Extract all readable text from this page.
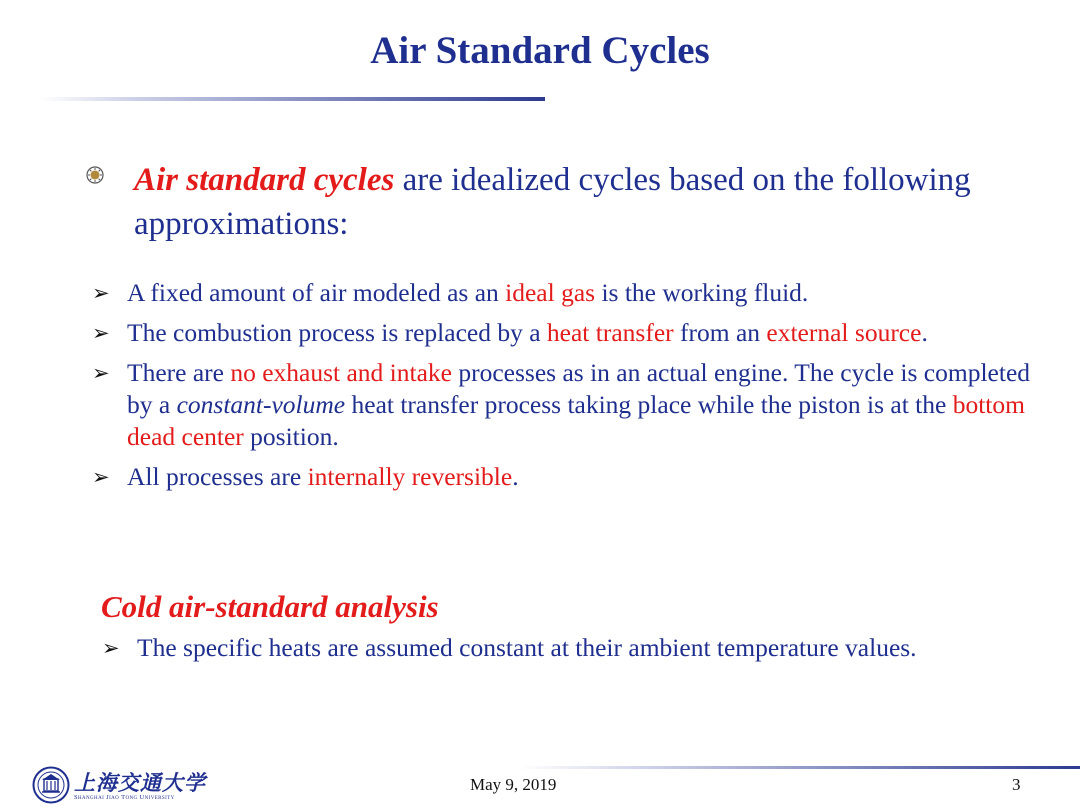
Air Standard Cycles

Air standard cycles are idealized cycles based on the following approximations:

➢ A fixed amount of air modeled as an ideal gas is the working fluid.
➢ The combustion process is replaced by a heat transfer from an external source.
➢ There are no exhaust and intake processes as in an actual engine. The cycle is completed by a constant-volume heat transfer process taking place while the piston is at the bottom dead center position.
➢ All processes are internally reversible.
Cold air-standard analysis
➢ The specific heats are assumed constant at their ambient temperature values.
上海交通大学
Shanghai Jiao Tong University
May 9, 2019	3
